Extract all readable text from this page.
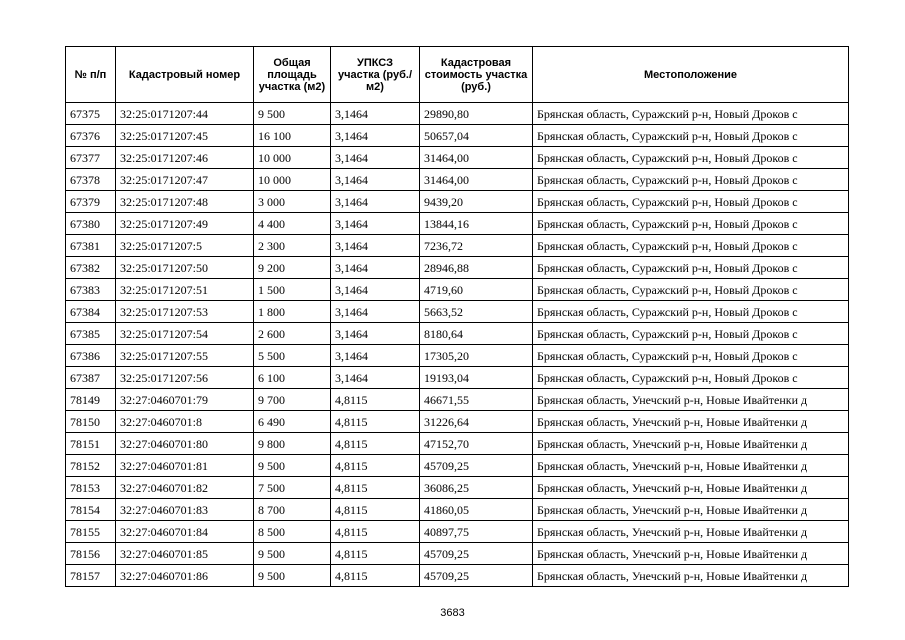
№ п/п	Кадастровый номер	Общая площадь участка (м2)	УПКСЗ участка (руб./м2)	Кадастровая стоимость участка (руб.)	Местоположение
67375	32:25:0171207:44	9 500	3,1464	29890,80	Брянская область, Суражский р-н, Новый Дроков с
67376	32:25:0171207:45	16 100	3,1464	50657,04	Брянская область, Суражский р-н, Новый Дроков с
67377	32:25:0171207:46	10 000	3,1464	31464,00	Брянская область, Суражский р-н, Новый Дроков с
67378	32:25:0171207:47	10 000	3,1464	31464,00	Брянская область, Суражский р-н, Новый Дроков с
67379	32:25:0171207:48	3 000	3,1464	9439,20	Брянская область, Суражский р-н, Новый Дроков с
67380	32:25:0171207:49	4 400	3,1464	13844,16	Брянская область, Суражский р-н, Новый Дроков с
67381	32:25:0171207:5	2 300	3,1464	7236,72	Брянская область, Суражский р-н, Новый Дроков с
67382	32:25:0171207:50	9 200	3,1464	28946,88	Брянская область, Суражский р-н, Новый Дроков с
67383	32:25:0171207:51	1 500	3,1464	4719,60	Брянская область, Суражский р-н, Новый Дроков с
67384	32:25:0171207:53	1 800	3,1464	5663,52	Брянская область, Суражский р-н, Новый Дроков с
67385	32:25:0171207:54	2 600	3,1464	8180,64	Брянская область, Суражский р-н, Новый Дроков с
67386	32:25:0171207:55	5 500	3,1464	17305,20	Брянская область, Суражский р-н, Новый Дроков с
67387	32:25:0171207:56	6 100	3,1464	19193,04	Брянская область, Суражский р-н, Новый Дроков с
78149	32:27:0460701:79	9 700	4,8115	46671,55	Брянская область, Унечский р-н, Новые Ивайтенки д
78150	32:27:0460701:8	6 490	4,8115	31226,64	Брянская область, Унечский р-н, Новые Ивайтенки д
78151	32:27:0460701:80	9 800	4,8115	47152,70	Брянская область, Унечский р-н, Новые Ивайтенки д
78152	32:27:0460701:81	9 500	4,8115	45709,25	Брянская область, Унечский р-н, Новые Ивайтенки д
78153	32:27:0460701:82	7 500	4,8115	36086,25	Брянская область, Унечский р-н, Новые Ивайтенки д
78154	32:27:0460701:83	8 700	4,8115	41860,05	Брянская область, Унечский р-н, Новые Ивайтенки д
78155	32:27:0460701:84	8 500	4,8115	40897,75	Брянская область, Унечский р-н, Новые Ивайтенки д
78156	32:27:0460701:85	9 500	4,8115	45709,25	Брянская область, Унечский р-н, Новые Ивайтенки д
78157	32:27:0460701:86	9 500	4,8115	45709,25	Брянская область, Унечский р-н, Новые Ивайтенки д
3683
